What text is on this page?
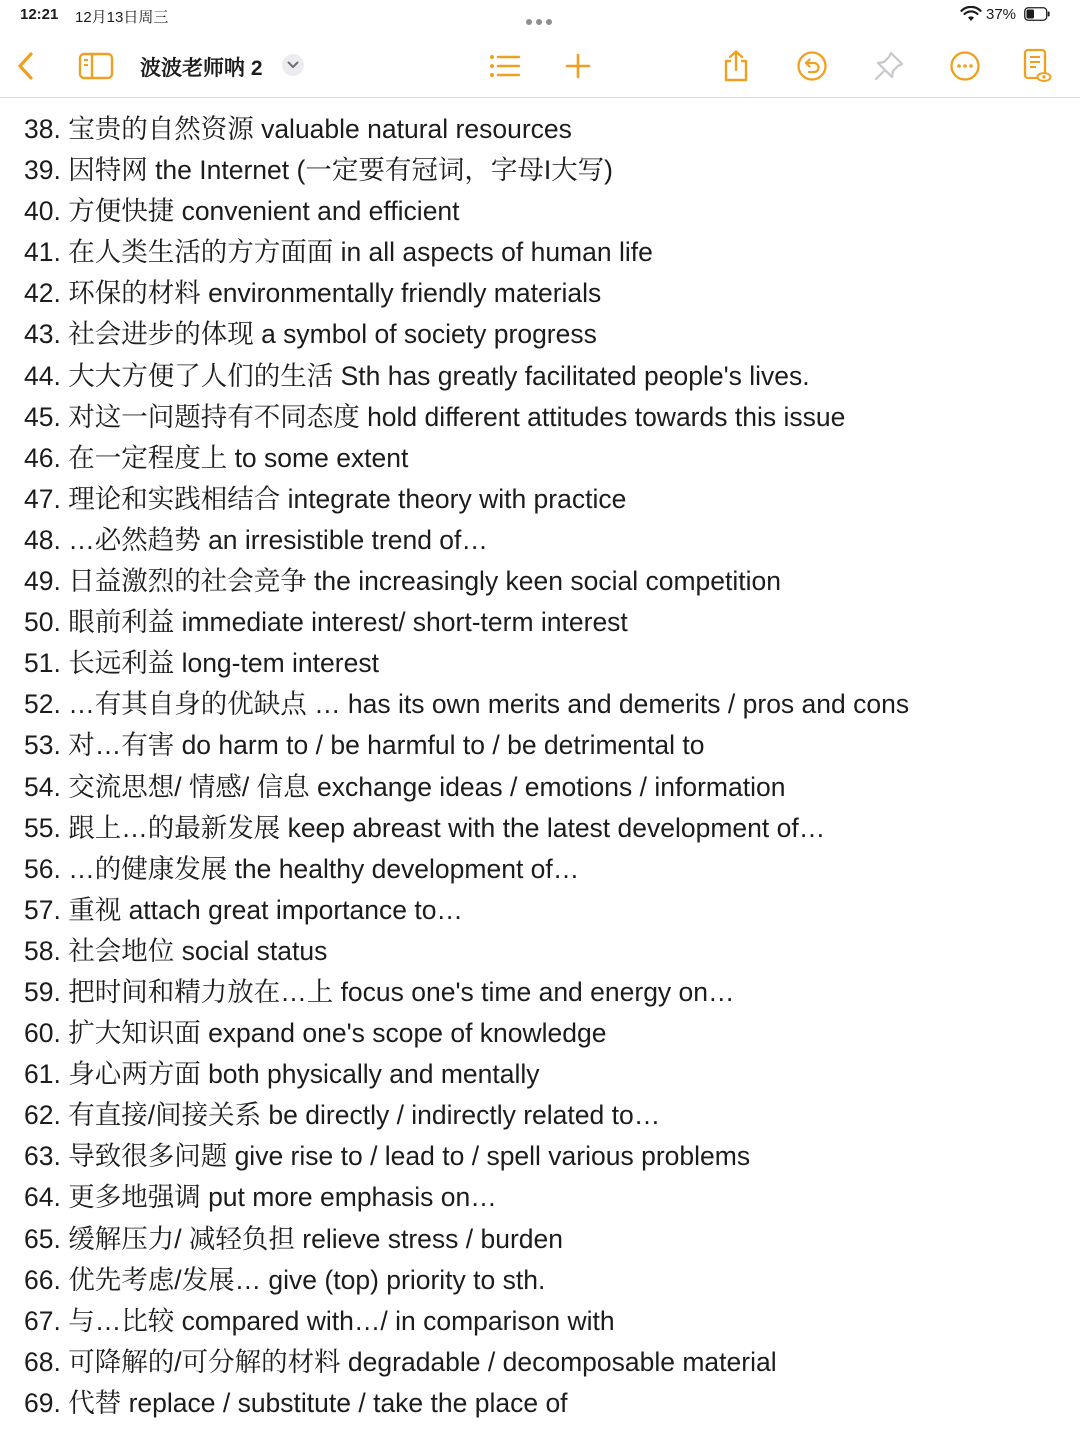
12:21 12月13日周三	37%
波波老师呐 2
38. 宝贵的自然资源 valuable natural resources
39. 因特网 the Internet (一定要有冠词，字母I大写)
40. 方便快捷 convenient and efficient
41. 在人类生活的方方面面 in all aspects of human life
42. 环保的材料 environmentally friendly materials
43. 社会进步的体现 a symbol of society progress
44. 大大方便了人们的生活 Sth has greatly facilitated people's lives.
45. 对这一问题持有不同态度 hold different attitudes towards this issue
46. 在一定程度上 to some extent
47. 理论和实践相结合 integrate theory with practice
48. …必然趋势 an irresistible trend of…
49. 日益激烈的社会竞争 the increasingly keen social competition
50. 眼前利益 immediate interest/ short-term interest
51. 长远利益 long-tem interest
52. …有其自身的优缺点 … has its own merits and demerits / pros and cons
53. 对…有害 do harm to / be harmful to / be detrimental to
54. 交流思想/ 情感/ 信息 exchange ideas / emotions / information
55. 跟上…的最新发展 keep abreast with the latest development of…
56. …的健康发展 the healthy development of…
57. 重视 attach great importance to…
58. 社会地位 social status
59. 把时间和精力放在…上 focus one's time and energy on…
60. 扩大知识面 expand one's scope of knowledge
61. 身心两方面 both physically and mentally
62. 有直接/间接关系 be directly / indirectly related to…
63. 导致很多问题 give rise to / lead to / spell various problems
64. 更多地强调 put more emphasis on…
65. 缓解压力/ 减轻负担 relieve stress / burden
66. 优先考虑/发展… give (top) priority to sth.
67. 与…比较 compared with…/ in comparison with
68. 可降解的/可分解的材料 degradable / decomposable material
69. 代替 replace / substitute / take the place of
